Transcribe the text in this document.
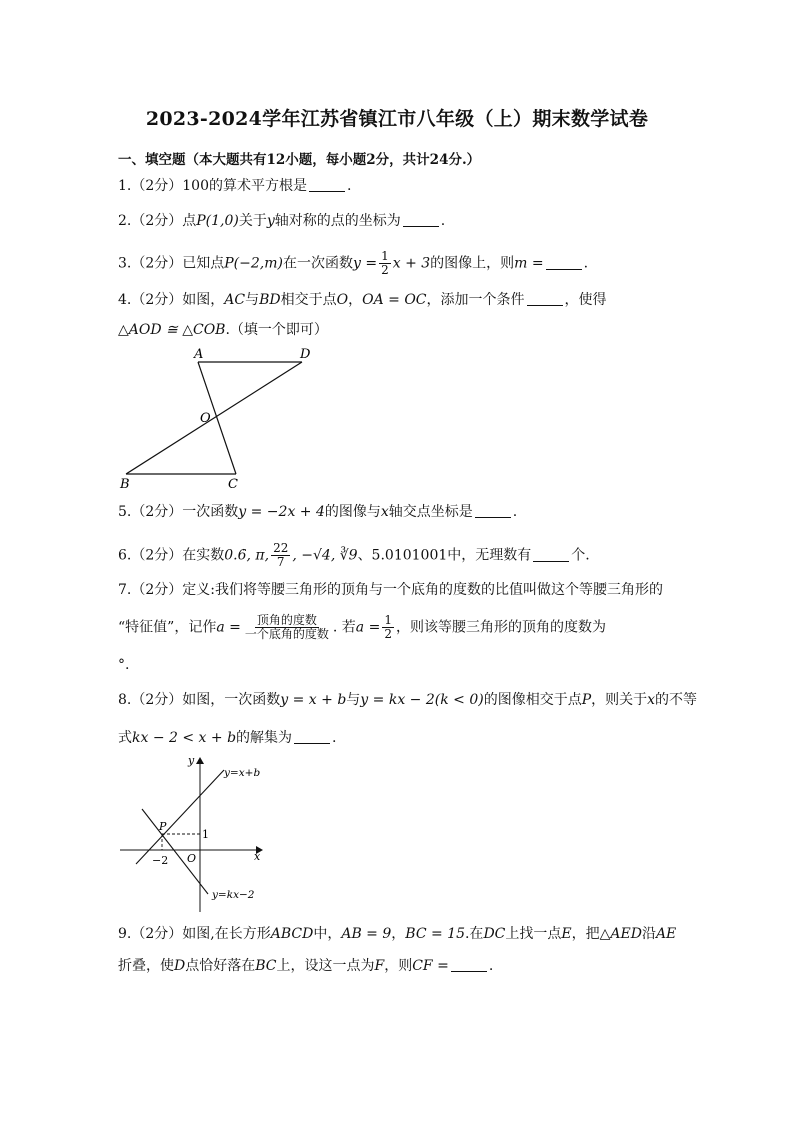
2023-2024学年江苏省镇江市八年级（上）期末数学试卷
一、填空题（本大题共有12小题，每小题2分，共计24分.）
1.（2分）100的算术平方根是	.
2.（2分）点P(1,0)关于y轴对称的点的坐标为	.
3.（2分）已知点P(−2,m)在一次函数$y = \frac{1}{2}$ x + 3的图像上，则m =	.
4.（2分）如图，AC与BD相交于点O，OA = OC，添加一个条件	，使得
△AOD ≅ △COB.（填一个即可）
A	D
O
B	C
5.（2分）一次函数y = −2x + 4的图像与x轴交点坐标是	.
6.（2分）在实数0.6̇, π, $\frac{22}{7}$ , −√4, ∛9、5.0101001中，无理数有	个.
7.（2分）定义:我们将等腰三角形的顶角与一个底角的度数的比值叫做这个等腰三角形的
“特征值”，记作$a = \frac{\text{顶角的度数}}{\text{一个底角的度数}}$ . 若$a = \frac{1}{2}$ ，则该等腰三角形的顶角的度数为
°.
8.（2分）如图，一次函数y = x + b与y = kx − 2(k < 0)的图像相交于点P，则关于x的不等
式kx − 2 < x + b的解集为	.
y
x
O
P
−2
1
y=x+b
y=kx−2
9.（2分）如图,在长方形ABCD中，AB = 9，BC = 15.在DC上找一点E，把△AED沿AE
折叠，使D点恰好落在BC上，设这一点为F，则CF =	.
